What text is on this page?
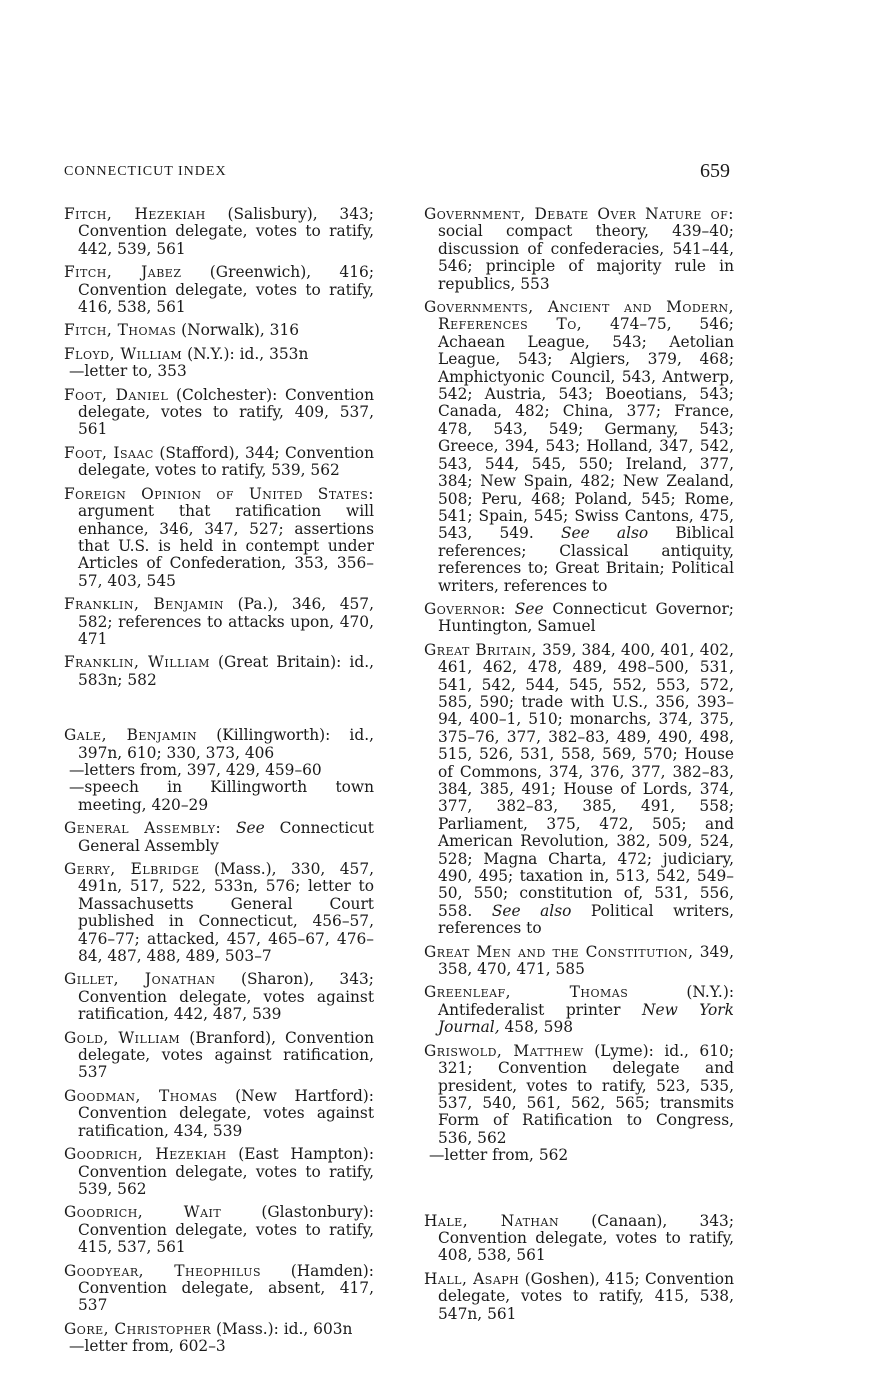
CONNECTICUT INDEX	659
Fitch, Hezekiah (Salisbury), 343; Convention delegate, votes to ratify, 442, 539, 561
Fitch, Jabez (Greenwich), 416; Convention delegate, votes to ratify, 416, 538, 561
Fitch, Thomas (Norwalk), 316
Floyd, William (N.Y.): id., 353n
—letter to, 353
Foot, Daniel (Colchester): Convention delegate, votes to ratify, 409, 537, 561
Foot, Isaac (Stafford), 344; Convention delegate, votes to ratify, 539, 562
Foreign Opinion of United States: argument that ratification will enhance, 346, 347, 527; assertions that U.S. is held in contempt under Articles of Confederation, 353, 356–57, 403, 545
Franklin, Benjamin (Pa.), 346, 457, 582; references to attacks upon, 470, 471
Franklin, William (Great Britain): id., 583n; 582
Gale, Benjamin (Killingworth): id., 397n, 610; 330, 373, 406
—letters from, 397, 429, 459–60
—speech in Killingworth town meeting, 420–29
General Assembly: See Connecticut General Assembly
Gerry, Elbridge (Mass.), 330, 457, 491n, 517, 522, 533n, 576; letter to Massachusetts General Court published in Connecticut, 456–57, 476–77; attacked, 457, 465–67, 476–84, 487, 488, 489, 503–7
Gillet, Jonathan (Sharon), 343; Convention delegate, votes against ratification, 442, 487, 539
Gold, William (Branford), Convention delegate, votes against ratification, 537
Goodman, Thomas (New Hartford): Convention delegate, votes against ratification, 434, 539
Goodrich, Hezekiah (East Hampton): Convention delegate, votes to ratify, 539, 562
Goodrich, Wait (Glastonbury): Convention delegate, votes to ratify, 415, 537, 561
Goodyear, Theophilus (Hamden): Convention delegate, absent, 417, 537
Gore, Christopher (Mass.): id., 603n
—letter from, 602–3
Government, Debate Over Nature of: social compact theory, 439–40; discussion of confederacies, 541–44, 546; principle of majority rule in republics, 553
Governments, Ancient and Modern, References To, 474–75, 546; Achaean League, 543; Aetolian League, 543; Algiers, 379, 468; Amphictyonic Council, 543, Antwerp, 542; Austria, 543; Boeotians, 543; Canada, 482; China, 377; France, 478, 543, 549; Germany, 543; Greece, 394, 543; Holland, 347, 542, 543, 544, 545, 550; Ireland, 377, 384; New Spain, 482; New Zealand, 508; Peru, 468; Poland, 545; Rome, 541; Spain, 545; Swiss Cantons, 475, 543, 549. See also Biblical references; Classical antiquity, references to; Great Britain; Political writers, references to
Governor: See Connecticut Governor; Huntington, Samuel
Great Britain, 359, 384, 400, 401, 402, 461, 462, 478, 489, 498–500, 531, 541, 542, 544, 545, 552, 553, 572, 585, 590; trade with U.S., 356, 393–94, 400–1, 510; monarchs, 374, 375, 375–76, 377, 382–83, 489, 490, 498, 515, 526, 531, 558, 569, 570; House of Commons, 374, 376, 377, 382–83, 384, 385, 491; House of Lords, 374, 377, 382–83, 385, 491, 558; Parliament, 375, 472, 505; and American Revolution, 382, 509, 524, 528; Magna Charta, 472; judiciary, 490, 495; taxation in, 513, 542, 549–50, 550; constitution of, 531, 556, 558. See also Political writers, references to
Great Men and the Constitution, 349, 358, 470, 471, 585
Greenleaf, Thomas (N.Y.): Antifederalist printer New York Journal, 458, 598
Griswold, Matthew (Lyme): id., 610; 321; Convention delegate and president, votes to ratify, 523, 535, 537, 540, 561, 562, 565; transmits Form of Ratification to Congress, 536, 562
—letter from, 562
Hale, Nathan (Canaan), 343; Convention delegate, votes to ratify, 408, 538, 561
Hall, Asaph (Goshen), 415; Convention delegate, votes to ratify, 415, 538, 547n, 561
